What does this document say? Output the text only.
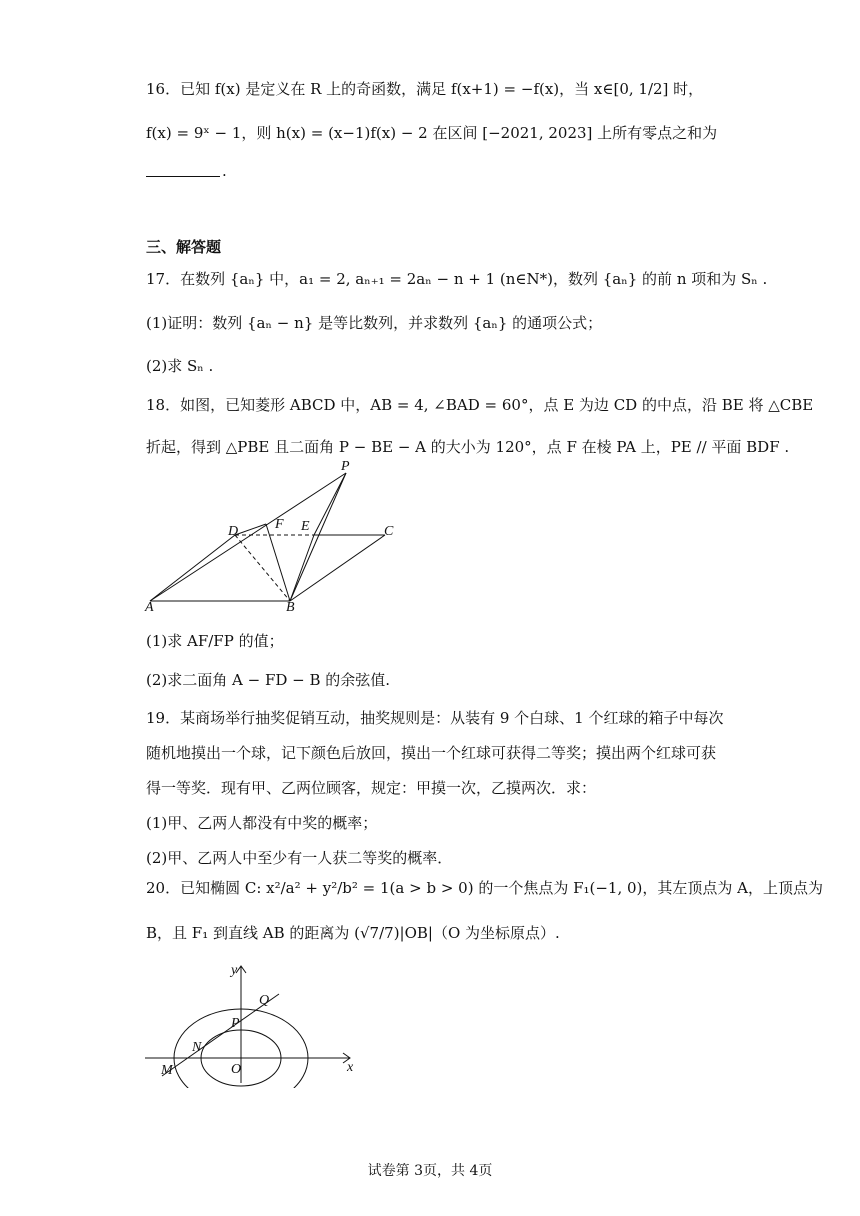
16．已知 f(x) 是定义在 R 上的奇函数，满足 f(x+1) = −f(x)，当 x∈[0, 1/2] 时，
f(x) = 9ˣ − 1，则 h(x) = (x−1)f(x) − 2 在区间 [−2021, 2023] 上所有零点之和为
.
三、解答题
17．在数列 {aₙ} 中，a₁ = 2, aₙ₊₁ = 2aₙ − n + 1 (n∈N*)，数列 {aₙ} 的前 n 项和为 Sₙ .
(1)证明：数列 {aₙ − n} 是等比数列，并求数列 {aₙ} 的通项公式；
(2)求 Sₙ .
18．如图，已知菱形 ABCD 中，AB = 4, ∠BAD = 60°，点 E 为边 CD 的中点，沿 BE 将 △CBE
折起，得到 △PBE 且二面角 P − BE − A 的大小为 120°，点 F 在棱 PA 上，PE // 平面 BDF .
P
D	F E	C
A	B
(1)求 AF/FP 的值；
(2)求二面角 A − FD − B 的余弦值.
19．某商场举行抽奖促销互动，抽奖规则是：从装有 9 个白球、1 个红球的箱子中每次
随机地摸出一个球，记下颜色后放回，摸出一个红球可获得二等奖；摸出两个红球可获
得一等奖．现有甲、乙两位顾客，规定：甲摸一次，乙摸两次．求：
(1)甲、乙两人都没有中奖的概率；
(2)甲、乙两人中至少有一人获二等奖的概率．
20．已知椭圆 C: x²/a² + y²/b² = 1(a > b > 0) 的一个焦点为 F₁(−1, 0)，其左顶点为 A，上顶点为
B，且 F₁ 到直线 AB 的距离为 (√7/7)|OB|（O 为坐标原点）.
y
x
Q
P
N
O
M
试卷第 3页，共 4页
